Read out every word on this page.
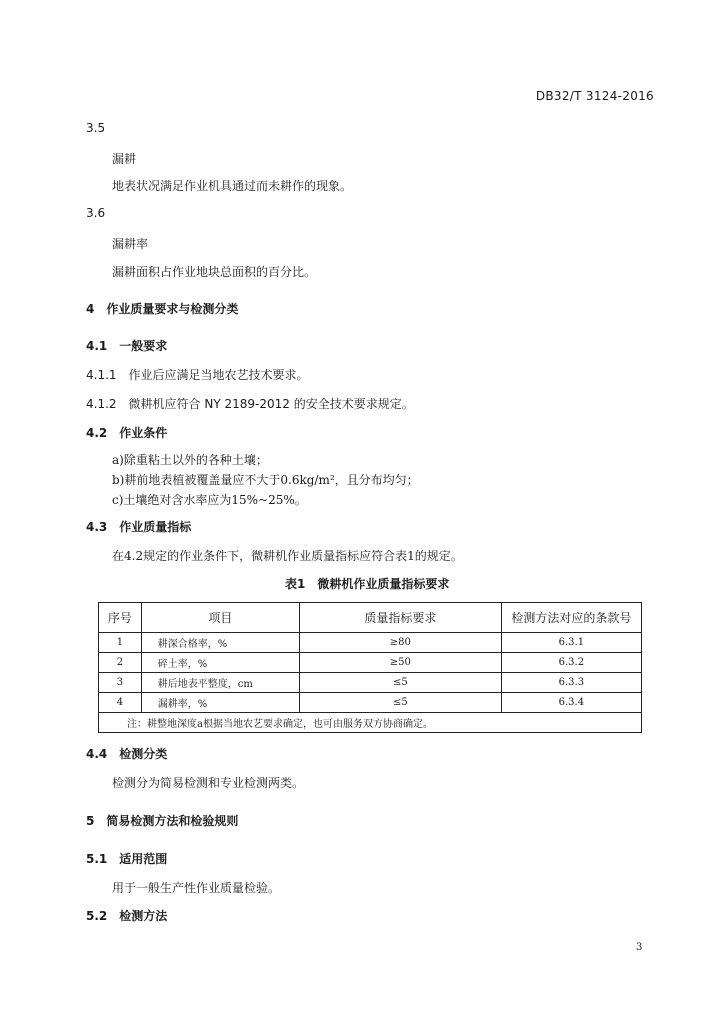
DB32/T 3124-2016
3.5
漏耕
地表状况满足作业机具通过而未耕作的现象。
3.6
漏耕率
漏耕面积占作业地块总面积的百分比。
4　作业质量要求与检测分类
4.1　一般要求
4.1.1　作业后应满足当地农艺技术要求。
4.1.2　微耕机应符合 NY 2189-2012 的安全技术要求规定。
4.2　作业条件
a)除重粘土以外的各种土壤；
b)耕前地表植被覆盖量应不大于0.6kg/m²，且分布均匀；
c)土壤绝对含水率应为15%~25%。
4.3　作业质量指标
在4.2规定的作业条件下，微耕机作业质量指标应符合表1的规定。
表1　微耕机作业质量指标要求
序号	项目	质量指标要求	检测方法对应的条款号
1	耕深合格率，%	≥80	6.3.1
2	碎土率，%	≥50	6.3.2
3	耕后地表平整度，cm	≤5	6.3.3
4	漏耕率，%	≤5	6.3.4
注：耕整地深度a根据当地农艺要求确定，也可由服务双方协商确定。			
4.4　检测分类
检测分为简易检测和专业检测两类。
5　简易检测方法和检验规则
5.1　适用范围
用于一般生产性作业质量检验。
5.2　检测方法
3
